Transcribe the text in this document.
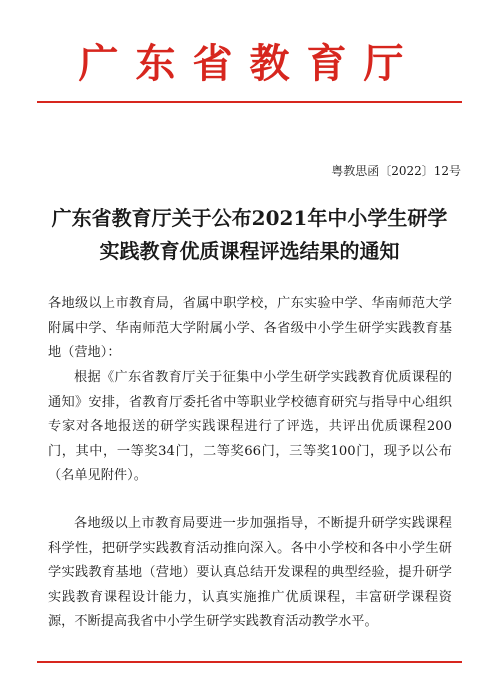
广东省教育厅
粤教思函〔2022〕12号
广东省教育厅关于公布2021年中小学生研学
实践教育优质课程评选结果的通知
各地级以上市教育局，省属中职学校，广东实验中学、华南师范大学附属中学、华南师范大学附属小学、各省级中小学生研学实践教育基地（营地）：
根据《广东省教育厅关于征集中小学生研学实践教育优质课程的通知》安排，省教育厅委托省中等职业学校德育研究与指导中心组织专家对各地报送的研学实践课程进行了评选，共评出优质课程200门，其中，一等奖34门，二等奖66门，三等奖100门，现予以公布（名单见附件）。
各地级以上市教育局要进一步加强指导，不断提升研学实践课程科学性，把研学实践教育活动推向深入。各中小学校和各中小学生研学实践教育基地（营地）要认真总结开发课程的典型经验，提升研学实践教育课程设计能力，认真实施推广优质课程，丰富研学课程资源，不断提高我省中小学生研学实践教育活动教学水平。
